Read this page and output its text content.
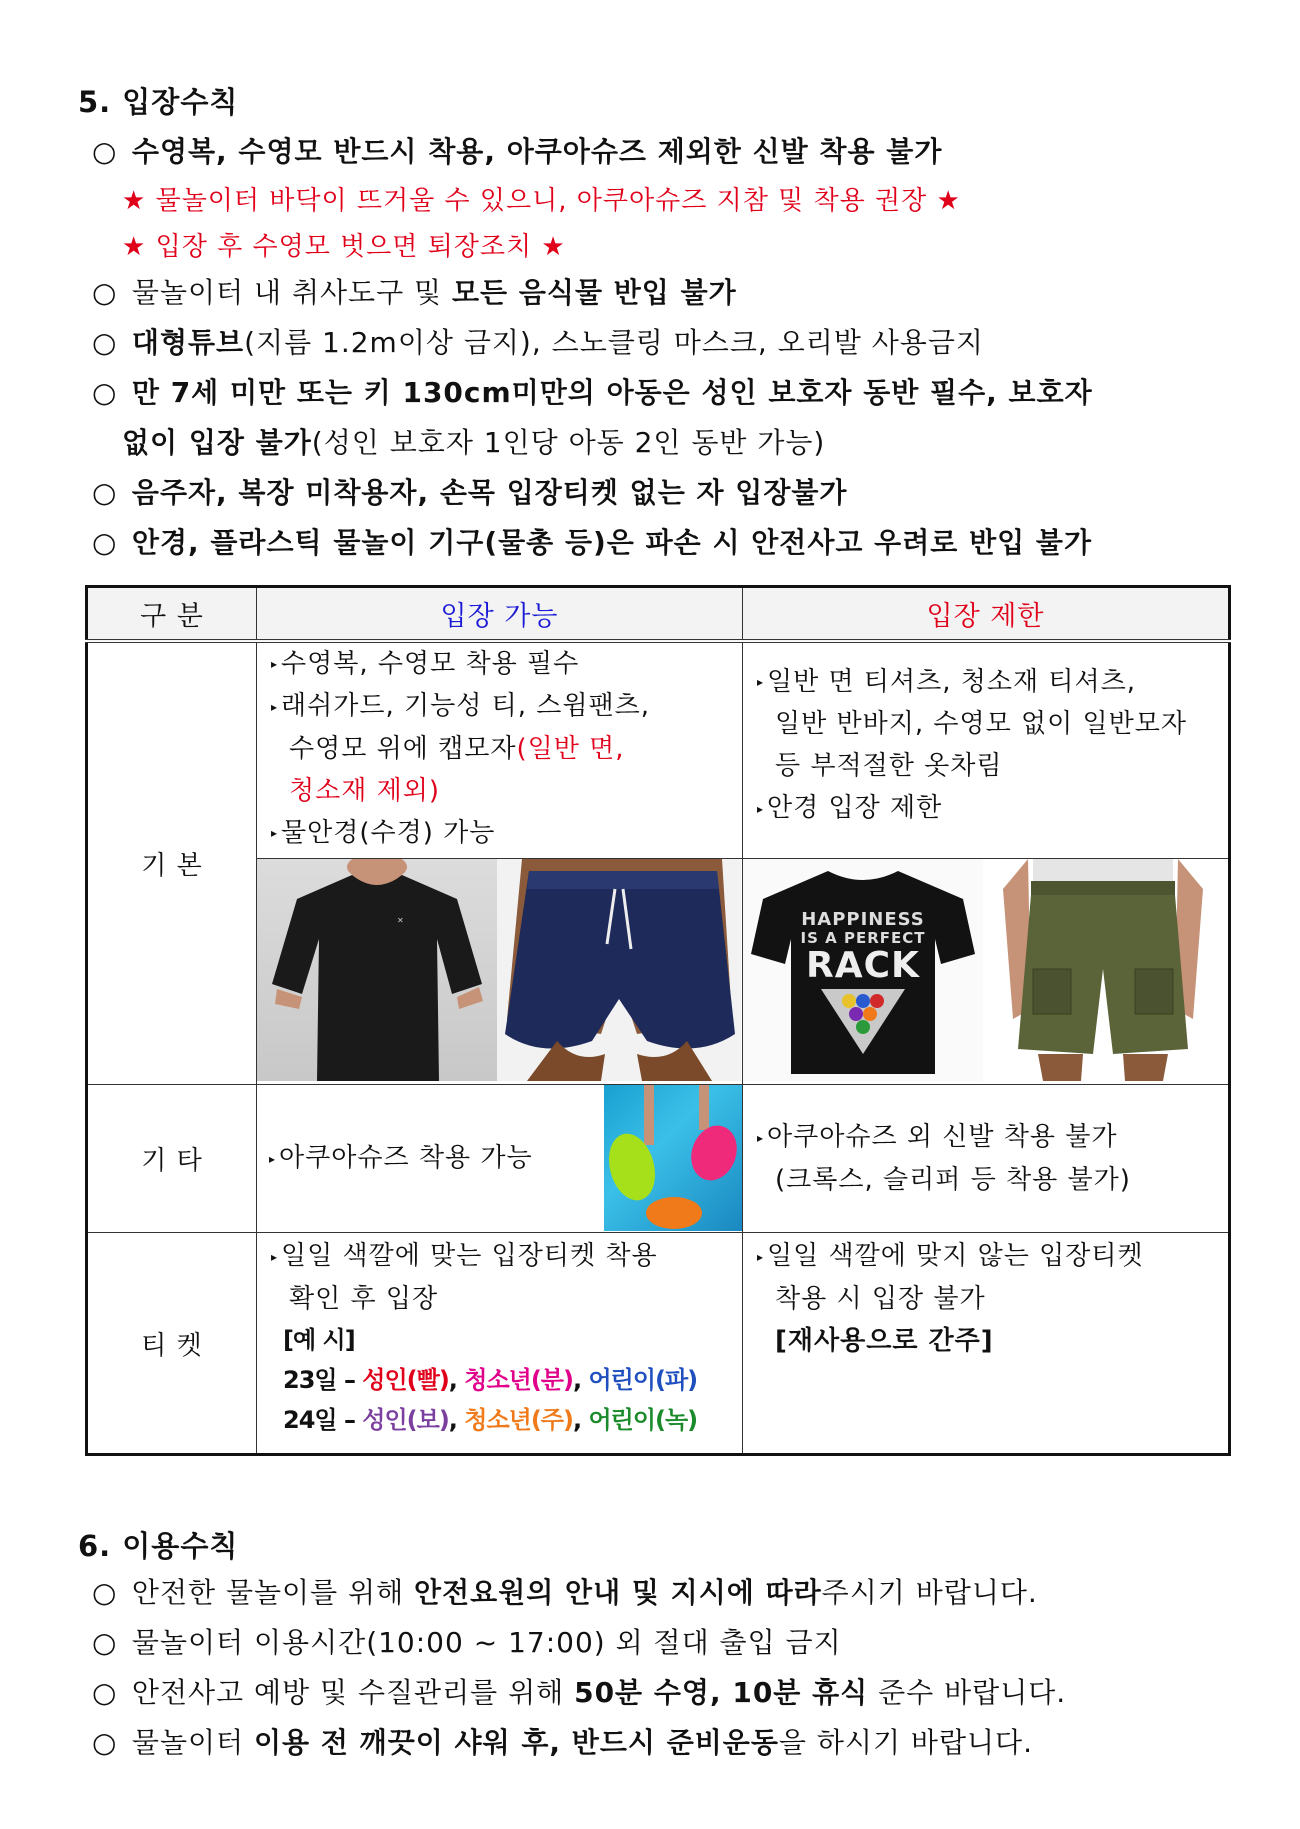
5. 입장수칙
○ 수영복, 수영모 반드시 착용, 아쿠아슈즈 제외한 신발 착용 불가
★ 물놀이터 바닥이 뜨거울 수 있으니, 아쿠아슈즈 지참 및 착용 권장 ★
★ 입장 후 수영모 벗으면 퇴장조치 ★
○ 물놀이터 내 취사도구 및 모든 음식물 반입 불가
○ 대형튜브(지름 1.2m이상 금지), 스노클링 마스크, 오리발 사용금지
○ 만 7세 미만 또는 키 130cm미만의 아동은 성인 보호자 동반 필수, 보호자
없이 입장 불가(성인 보호자 1인당 아동 2인 동반 가능)
○ 음주자, 복장 미착용자, 손목 입장티켓 없는 자 입장불가
○ 안경, 플라스틱 물놀이 기구(물총 등)은 파손 시 안전사고 우려로 반입 불가
구 분	입장 가능	입장 제한
기 본	▸ 수영복, 수영모 착용 필수
▸ 래쉬가드, 기능성 티, 스윔팬츠,
수영모 위에 캡모자(일반 면,
청소재 제외)
▸ 물안경(수경) 가능	▸ 일반 면 티셔츠, 청소재 티셔츠,
일반 반바지, 수영모 없이 일반모자
등 부적절한 옷차림
▸ 안경 입장 제한

✕	HAPPINESS
IS A PERFECT
RACK

기 타	▸ 아쿠아슈즈 착용 가능	▸ 아쿠아슈즈 외 신발 착용 불가
(크록스, 슬리퍼 등 착용 불가)

티 켓	▸ 일일 색깔에 맞는 입장티켓 착용
확인 후 입장
[예 시]
23일 – 성인(빨), 청소년(분), 어린이(파)
24일 – 성인(보), 청소년(주), 어린이(녹)	▸ 일일 색깔에 맞지 않는 입장티켓
착용 시 입장 불가
[재사용으로 간주]
6. 이용수칙
○ 안전한 물놀이를 위해 안전요원의 안내 및 지시에 따라주시기 바랍니다.
○ 물놀이터 이용시간(10:00 ~ 17:00) 외 절대 출입 금지
○ 안전사고 예방 및 수질관리를 위해 50분 수영, 10분 휴식 준수 바랍니다.
○ 물놀이터 이용 전 깨끗이 샤워 후, 반드시 준비운동을 하시기 바랍니다.
